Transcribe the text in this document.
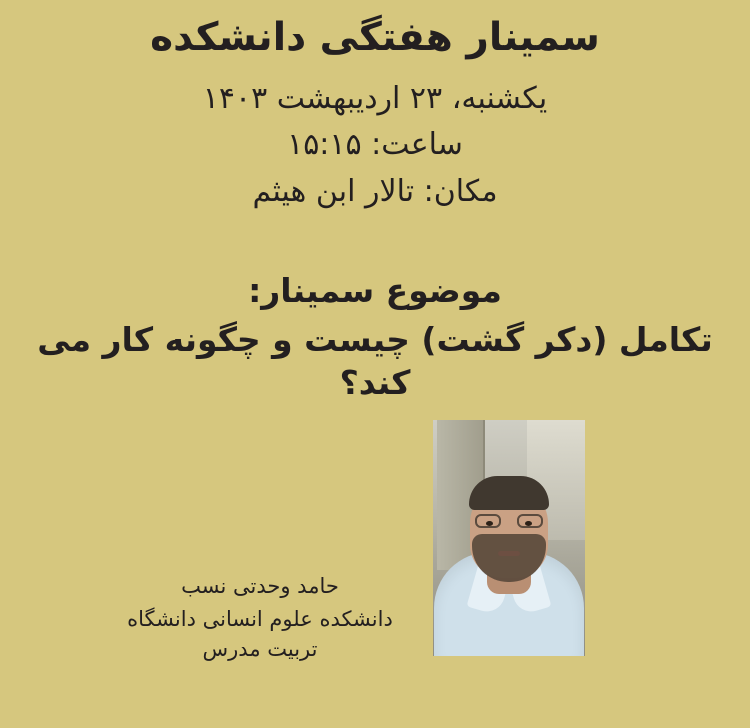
سمینار هفتگی دانشکده
یکشنبه، ۲۳ اردیبهشت ۱۴۰۳
ساعت: ۱۵:۱۵
مکان: تالار ابن هیثم
موضوع سمینار:
تکامل (دکر گشت) چیست و چگونه کار می کند؟
حامد وحدتی نسب
دانشکده علوم انسانی دانشگاه تربیت مدرس
